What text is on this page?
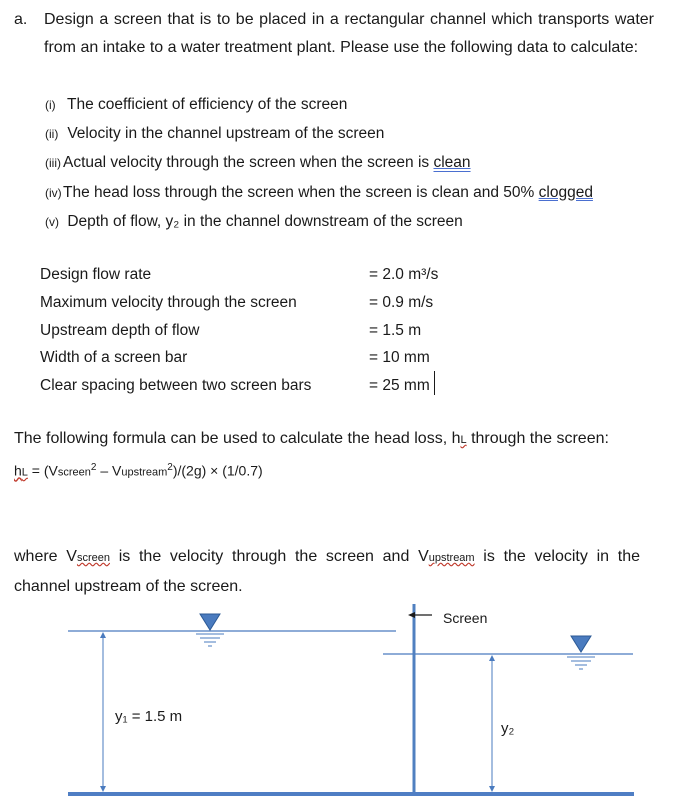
a. Design a screen that is to be placed in a rectangular channel which transports water from an intake to a water treatment plant. Please use the following data to calculate:
(i) The coefficient of efficiency of the screen
(ii) Velocity in the channel upstream of the screen
(iii) Actual velocity through the screen when the screen is clean
(iv)The head loss through the screen when the screen is clean and 50% clogged
(v) Depth of flow, y₂ in the channel downstream of the screen
Design flow rate
Maximum velocity through the screen
Upstream depth of flow
Width of a screen bar
Clear spacing between two screen bars
= 2.0 m³/s
= 0.9 m/s
= 1.5 m
= 10 mm
= 25 mm
The following formula can be used to calculate the head loss, hL through the screen:
hL = (Vscreen$^2$ – Vupstream$^2$)/(2g) × (1/0.7)
where Vscreen is the velocity through the screen and Vupstream is the velocity in the channel upstream of the screen.
Screen
y₁ = 1.5 m
y₂
